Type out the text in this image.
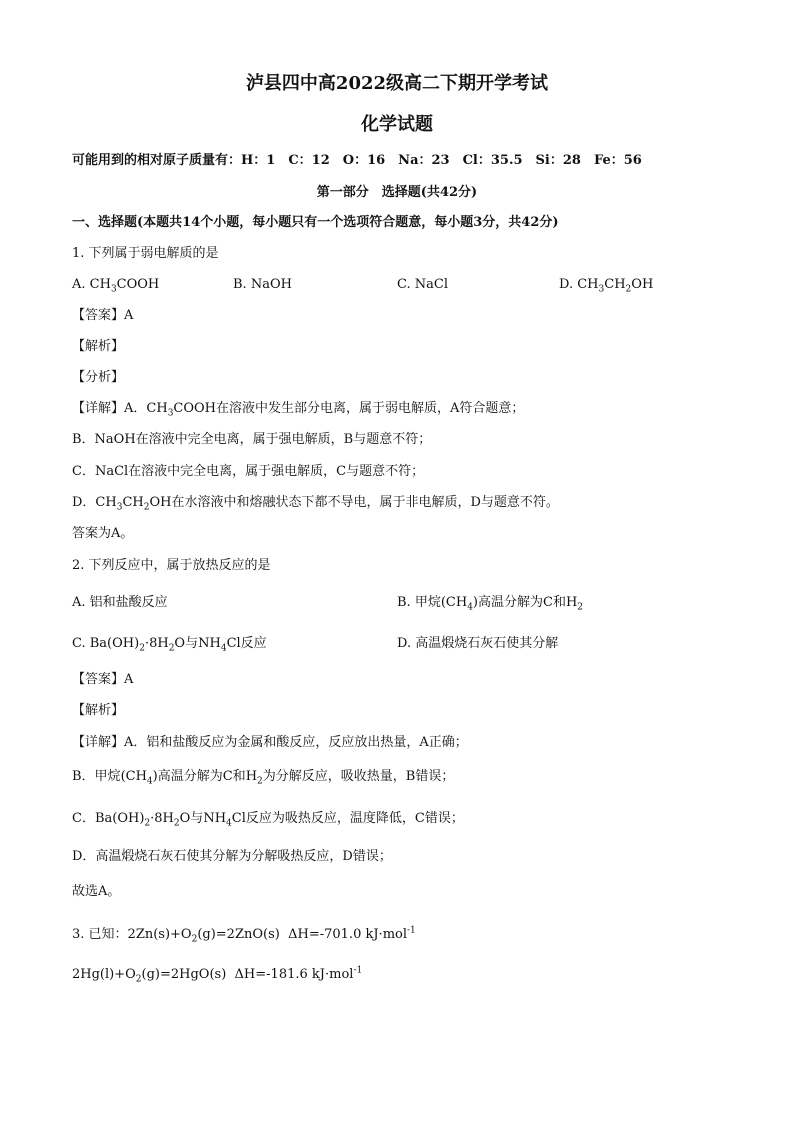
泸县四中高2022级高二下期开学考试
化学试题
可能用到的相对原子质量有：H：1　C：12　O：16　Na：23　Cl：35.5　Si：28　Fe：56
第一部分　选择题(共42分)
一、选择题(本题共14个小题，每小题只有一个选项符合题意，每小题3分，共42分)
1. 下列属于弱电解质的是
A. $CH_3COOH$	B. NaOH	C. NaCl	D. $CH_3CH_2OH$
【答案】A
【解析】
【分析】
【详解】A．$CH_3COOH$在溶液中发生部分电离，属于弱电解质，A符合题意；
B．NaOH在溶液中完全电离，属于强电解质，B与题意不符；
C．NaCl在溶液中完全电离，属于强电解质，C与题意不符；
D．$CH_3CH_2OH$在水溶液中和熔融状态下都不导电，属于非电解质，D与题意不符。
答案为A。
2. 下列反应中，属于放热反应的是
A. 铝和盐酸反应	B. 甲烷$(CH_4)$高温分解为C和$H_2$
C. $Ba(OH)_2\cdot 8H_2O$与$NH_4Cl$反应	D. 高温煅烧石灰石使其分解
【答案】A
【解析】
【详解】A．铝和盐酸反应为金属和酸反应，反应放出热量，A正确；
B．甲烷$(CH_4)$高温分解为C和$H_2$为分解反应，吸收热量，B错误；
C．$Ba(OH)_2\cdot 8H_2O$与$NH_4Cl$反应为吸热反应，温度降低，C错误；
D．高温煅烧石灰石使其分解为分解吸热反应，D错误；
故选A。
3. 已知：$2Zn(s)+O_2(g)=2ZnO(s)$ ΔH=-701.0 kJ·mol$^{-1}$
$2Hg(l)+O_2(g)=2HgO(s)$ ΔH=-181.6 kJ·mol$^{-1}$
